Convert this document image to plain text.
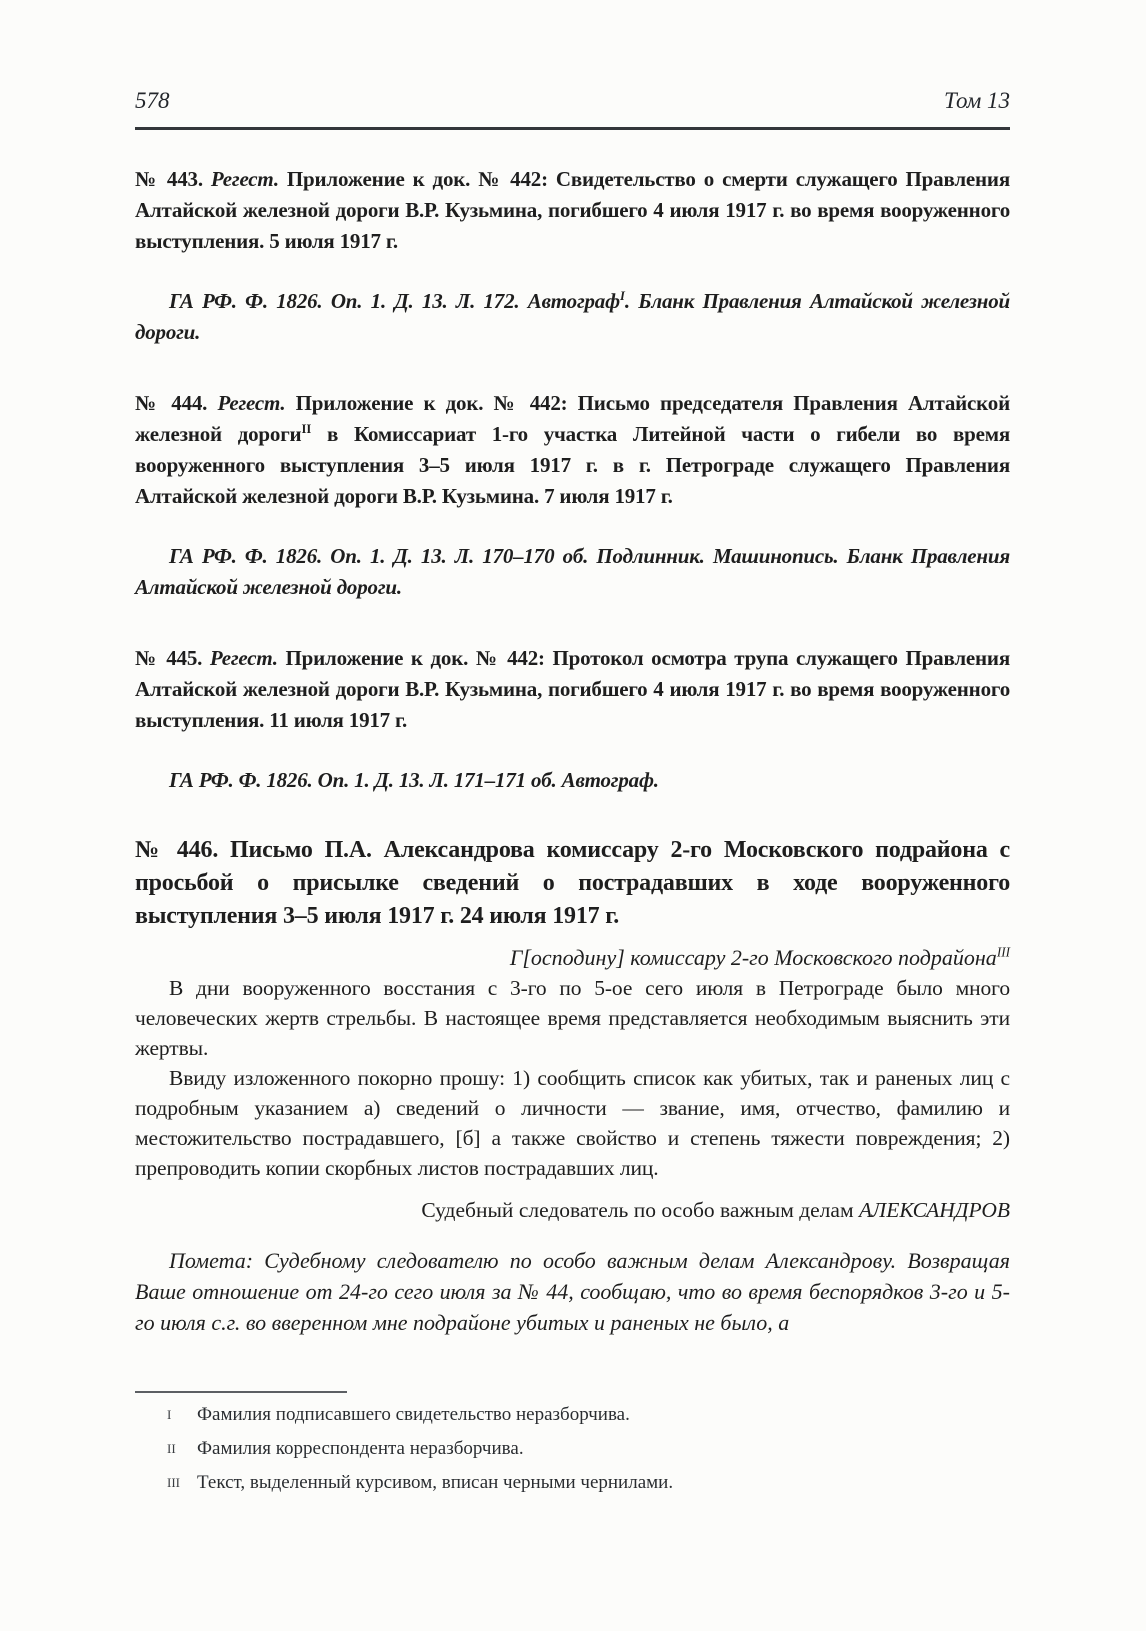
578	Том 13

№ 443. Регест. Приложение к док. № 442: Свидетельство о смерти служащего Правления Алтайской железной дороги В.Р. Кузьмина, погибшего 4 июля 1917 г. во время вооруженного выступления. 5 июля 1917 г.

ГА РФ. Ф. 1826. Оп. 1. Д. 13. Л. 172. Автограф$^I$. Бланк Правления Алтайской железной дороги.

№ 444. Регест. Приложение к док. № 442: Письмо председателя Правления Алтайской железной дороги$^{II}$ в Комиссариат 1-го участка Литейной части о гибели во время вооруженного выступления 3–5 июля 1917 г. в г. Петрограде служащего Правления Алтайской железной дороги В.Р. Кузьмина. 7 июля 1917 г.

ГА РФ. Ф. 1826. Оп. 1. Д. 13. Л. 170–170 об. Подлинник. Машинопись. Бланк Правления Алтайской железной дороги.

№ 445. Регест. Приложение к док. № 442: Протокол осмотра трупа служащего Правления Алтайской железной дороги В.Р. Кузьмина, погибшего 4 июля 1917 г. во время вооруженного выступления. 11 июля 1917 г.

ГА РФ. Ф. 1826. Оп. 1. Д. 13. Л. 171–171 об. Автограф.

№ 446. Письмо П.А. Александрова комиссару 2-го Московского подрайона с просьбой о присылке сведений о пострадавших в ходе вооруженного выступления 3–5 июля 1917 г. 24 июля 1917 г.

Г[осподину] комиссару 2-го Московского подрайона$^{III}$

В дни вооруженного восстания с 3-го по 5-ое сего июля в Петрограде было много человеческих жертв стрельбы. В настоящее время представляется необходимым выяснить эти жертвы.

Ввиду изложенного покорно прошу: 1) сообщить список как убитых, так и раненых лиц с подробным указанием а) сведений о личности — звание, имя, отчество, фамилию и местожительство пострадавшего, [б] а также свойство и степень тяжести повреждения; 2) препроводить копии скорбных листов пострадавших лиц.

Судебный следователь по особо важным делам АЛЕКСАНДРОВ

Помета: Судебному следователю по особо важным делам Александрову. Возвращая Ваше отношение от 24-го сего июля за № 44, сообщаю, что во время беспорядков 3-го и 5-го июля с.г. во вверенном мне подрайоне убитых и раненых не было, а

I Фамилия подписавшего свидетельство неразборчива.

II Фамилия корреспондента неразборчива.

III Текст, выделенный курсивом, вписан черными чернилами.
